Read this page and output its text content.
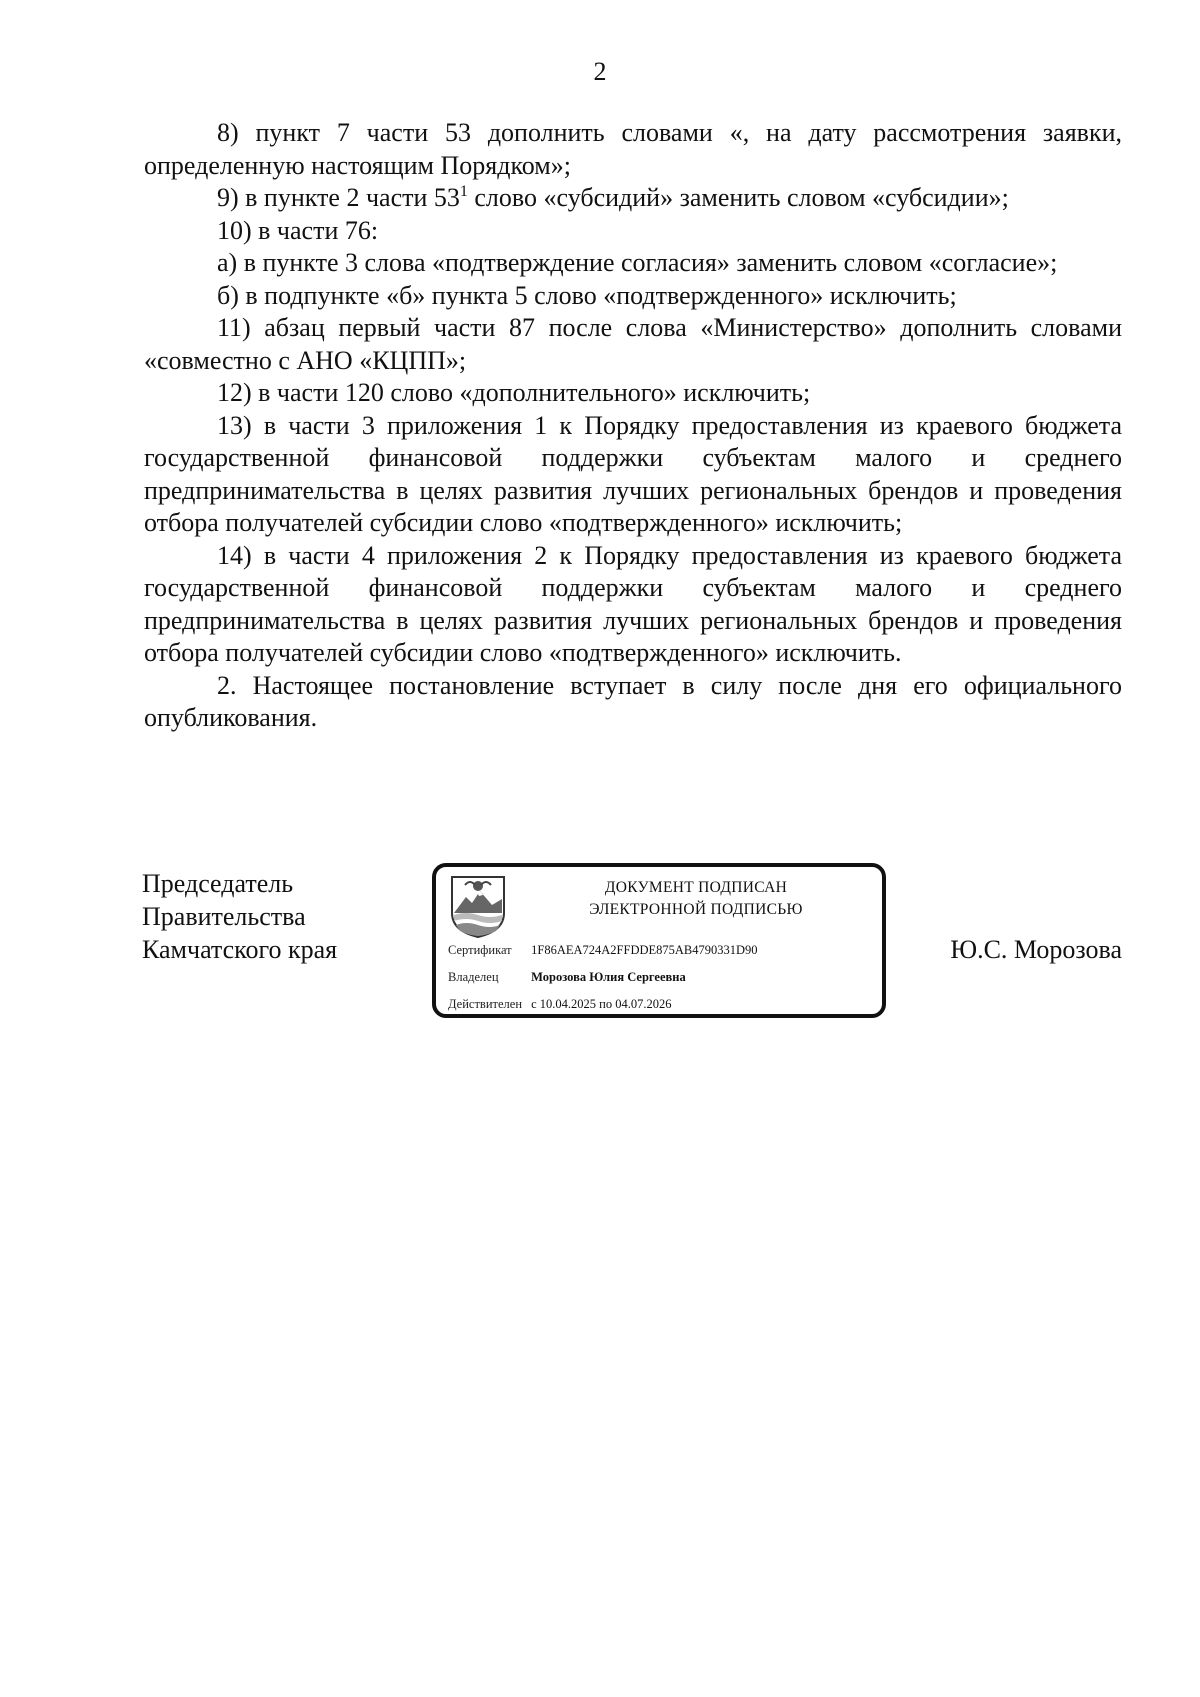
2

8) пункт 7 части 53 дополнить словами «, на дату рассмотрения заявки, определенную настоящим Порядком»;

9) в пункте 2 части $53^1$ слово «субсидий» заменить словом «субсидии»;

10) в части 76:

а) в пункте 3 слова «подтверждение согласия» заменить словом «согласие»;

б) в подпункте «б» пункта 5 слово «подтвержденного» исключить;

11) абзац первый части 87 после слова «Министерство» дополнить словами «совместно с АНО «КЦПП»;

12) в части 120 слово «дополнительного» исключить;

13) в части 3 приложения 1 к Порядку предоставления из краевого бюджета государственной финансовой поддержки субъектам малого и среднего предпринимательства в целях развития лучших региональных брендов и проведения отбора получателей субсидии слово «подтвержденного» исключить;

14) в части 4 приложения 2 к Порядку предоставления из краевого бюджета государственной финансовой поддержки субъектам малого и среднего предпринимательства в целях развития лучших региональных брендов и проведения отбора получателей субсидии слово «подтвержденного» исключить.

2. Настоящее постановление вступает в силу после дня его официального опубликования.

Председатель
Правительства
Камчатского края
ДОКУМЕНТ ПОДПИСАН
ЭЛЕКТРОННОЙ ПОДПИСЬЮ
Сертификат 1F86AEA724A2FFDDE875AB4790331D90
Владелец	Морозова Юлия Сергеевна
Действителен с 10.04.2025 по 04.07.2026
Ю.С. Морозова
